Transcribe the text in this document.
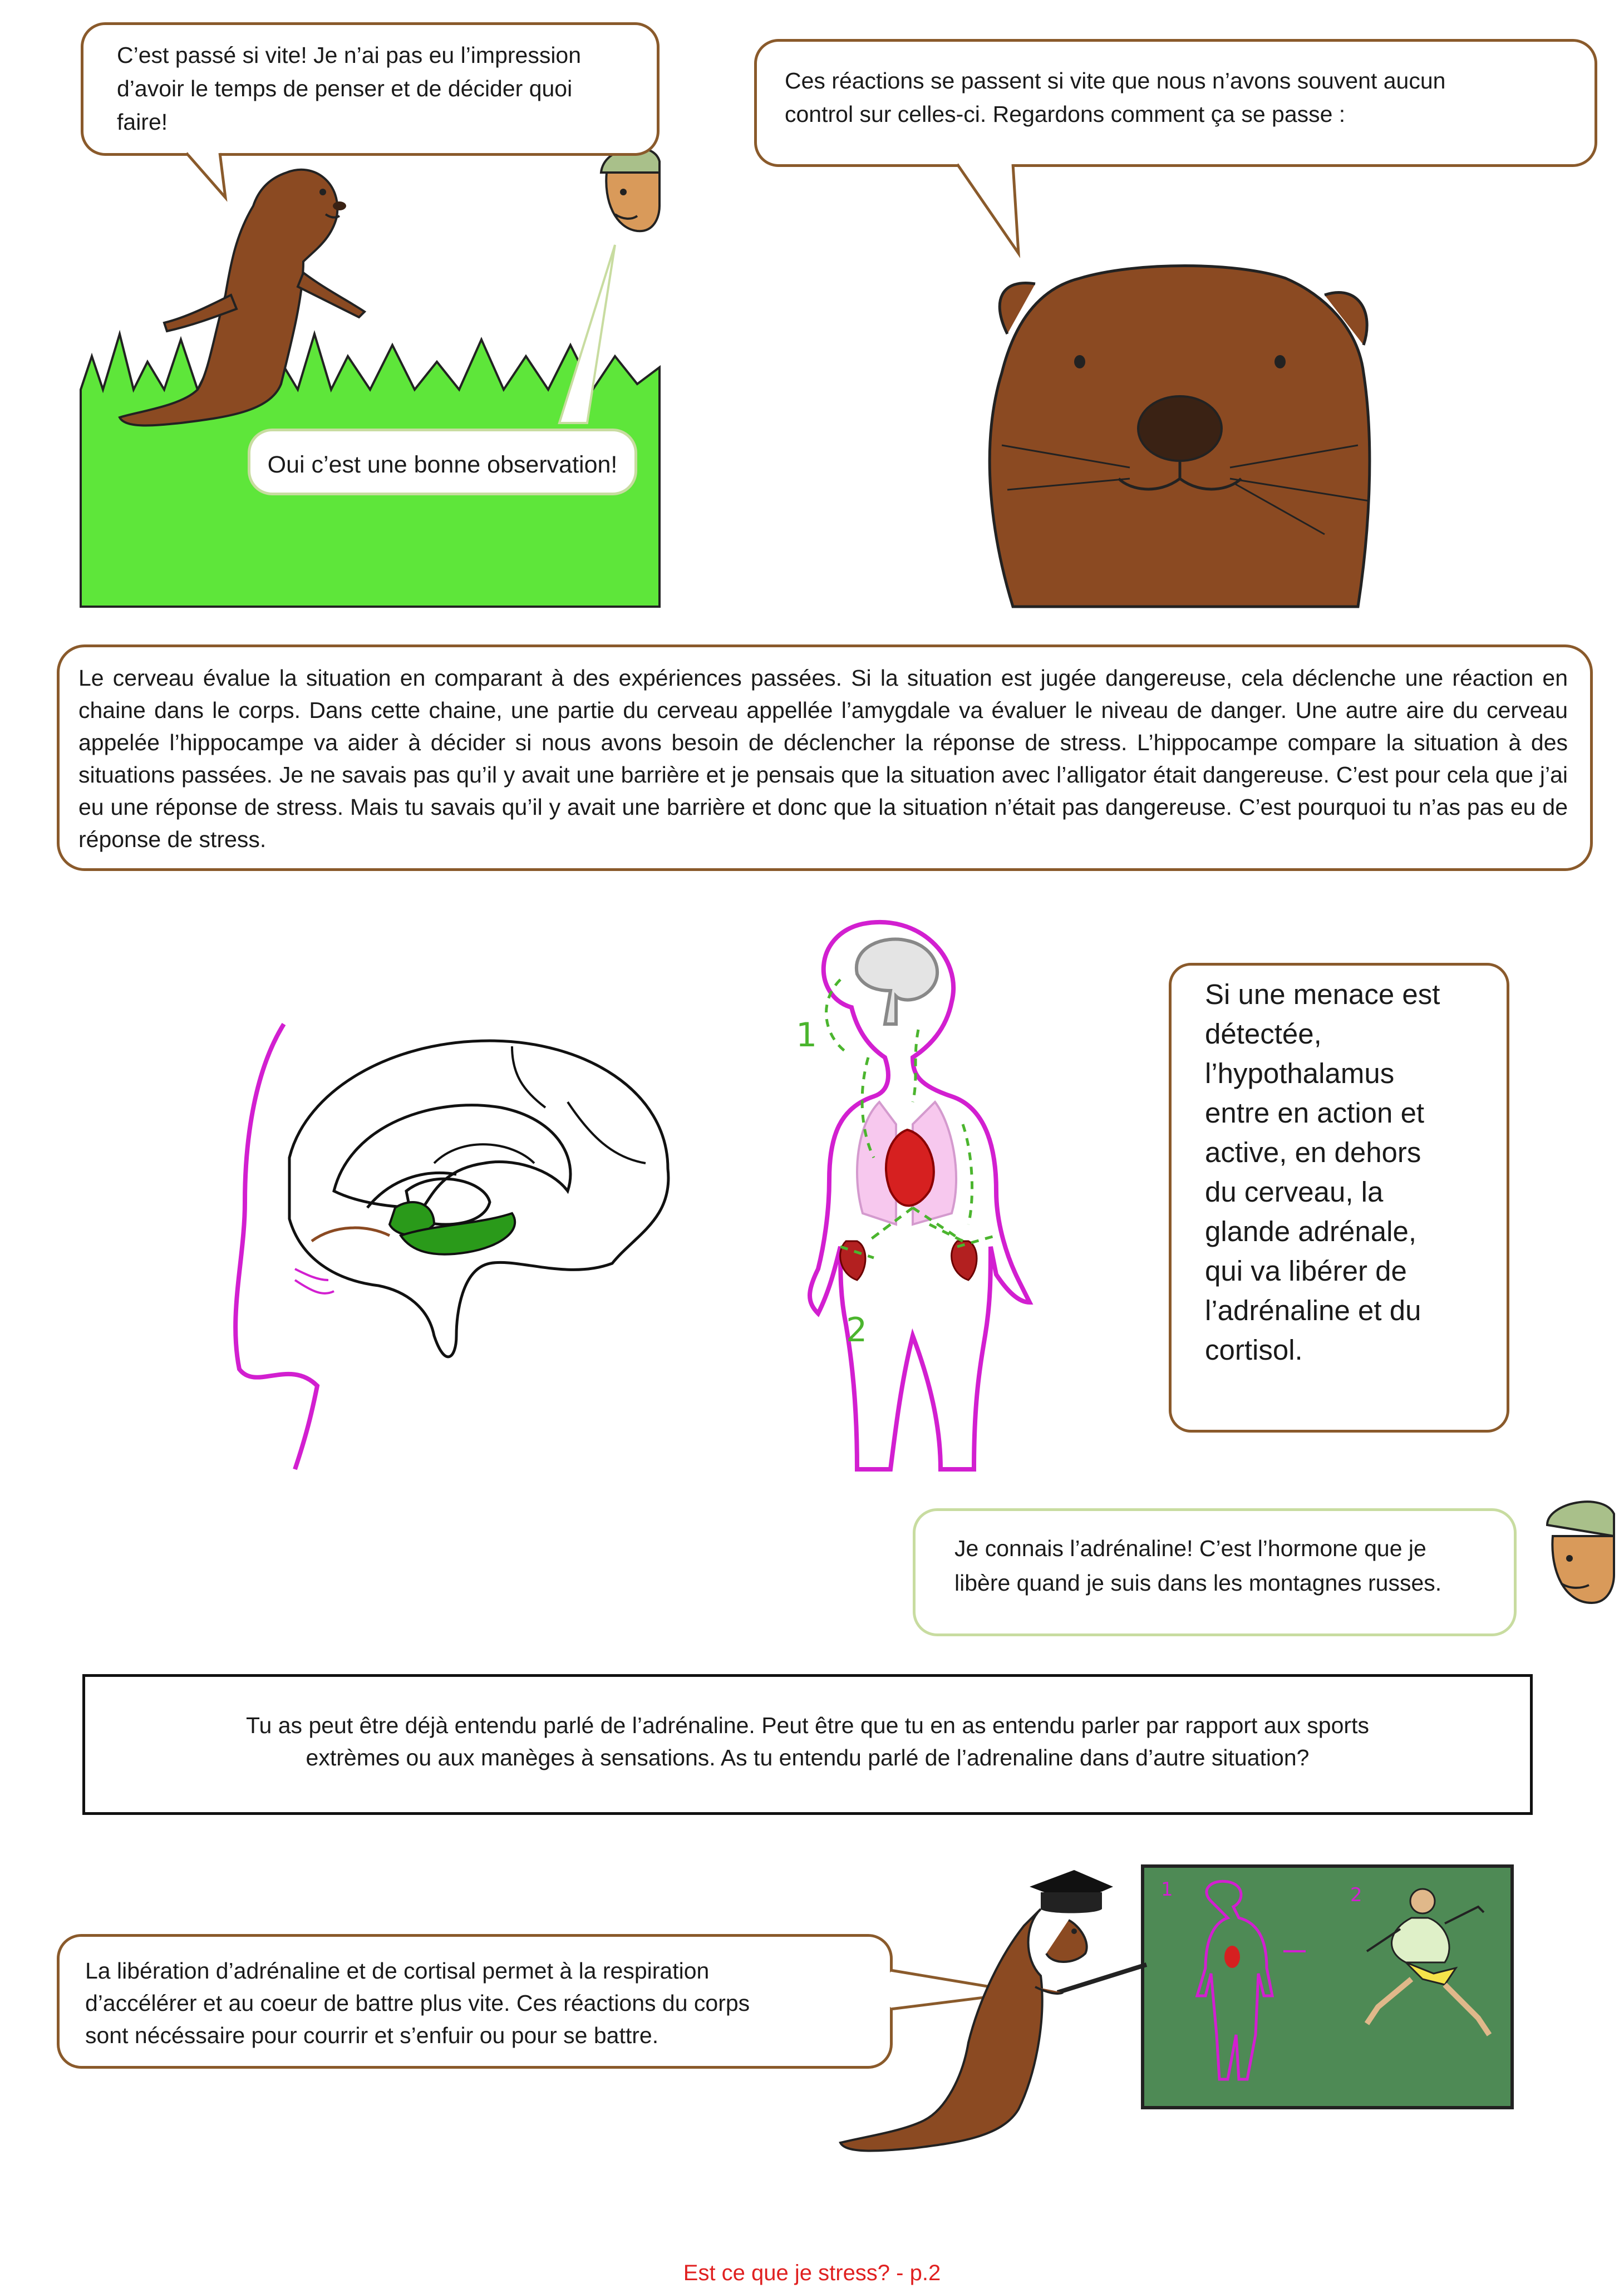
C’est passé si vite! Je n’ai pas eu l’impression
d’avoir le temps de penser et de décider quoi
faire!
Oui c’est une bonne observation!
Ces réactions se passent si vite que nous n’avons souvent aucun
control sur celles-ci. Regardons comment ça se passe :
Le cerveau évalue la situation en comparant à des expériences passées. Si la situation est jugée dangereuse, cela déclenche une réaction en chaine dans le corps. Dans cette chaine, une partie du cerveau appellée l’amygdale va évaluer le niveau de danger. Une autre aire du cerveau appelée l’hippocampe va aider à décider si nous avons besoin de déclencher la réponse de stress. L’hippocampe compare la situation à des situations passées. Je ne savais pas qu’il y avait une barrière et je pensais que la situation avec l’alligator était dangereuse. C’est pour cela que j’ai eu une réponse de stress. Mais tu savais qu’il y avait une barrière et donc que la situation n’était pas dangereuse. C’est pourquoi tu n’as pas eu de réponse de stress.
1
2
Si une menace est
détectée,
l’hypothalamus
entre en action et
active, en dehors
du cerveau, la
glande adrénale,
qui va libérer de
l’adrénaline et du
cortisol.
Je connais l’adrénaline! C’est l’hormone que je
libère quand je suis dans les montagnes russes.
Tu as peut être déjà entendu parlé de l’adrénaline. Peut être que tu en as entendu parler par rapport aux sports
extrèmes ou aux manèges à sensations. As tu entendu parlé de l’adrenaline dans d’autre situation?
La libération d’adrénaline et de cortisal permet à la respiration
d’accélérer et au coeur de battre plus vite. Ces réactions du corps
sont nécéssaire pour courrir et s’enfuir ou pour se battre.
1	2
Est ce que je stress? - p.2
